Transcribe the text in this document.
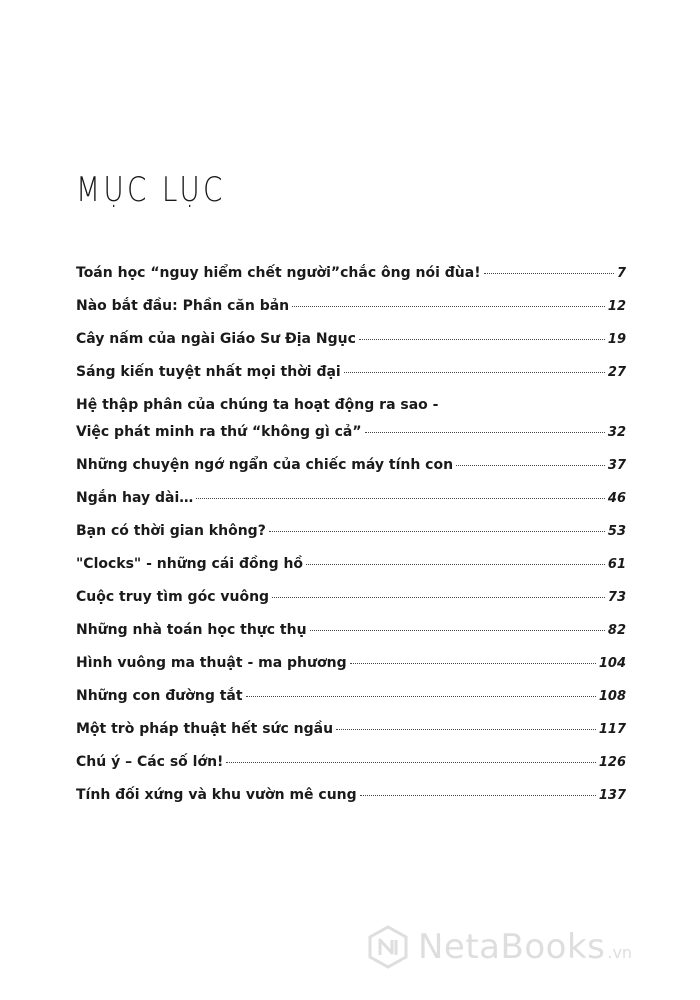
MỤC LỤC
Toán học “nguy hiểm chết người”chắc ông nói đùa!	7
Nào bắt đầu: Phần căn bản	12
Cây nấm của ngài Giáo Sư Địa Ngục	19
Sáng kiến tuyệt nhất mọi thời đại	27
Hệ thập phân của chúng ta hoạt động ra sao -
Việc phát minh ra thứ “không gì cả”	32
Những chuyện ngớ ngẩn của chiếc máy tính con	37
Ngắn hay dài…	46
Bạn có thời gian không?	53
"Clocks" - những cái đồng hồ	61
Cuộc truy tìm góc vuông	73
Những nhà toán học thực thụ	82
Hình vuông ma thuật - ma phương	104
Những con đường tắt	108
Một trò pháp thuật hết sức ngầu	117
Chú ý – Các số lớn!	126
Tính đối xứng và khu vườn mê cung	137
NetaBooks .vn
